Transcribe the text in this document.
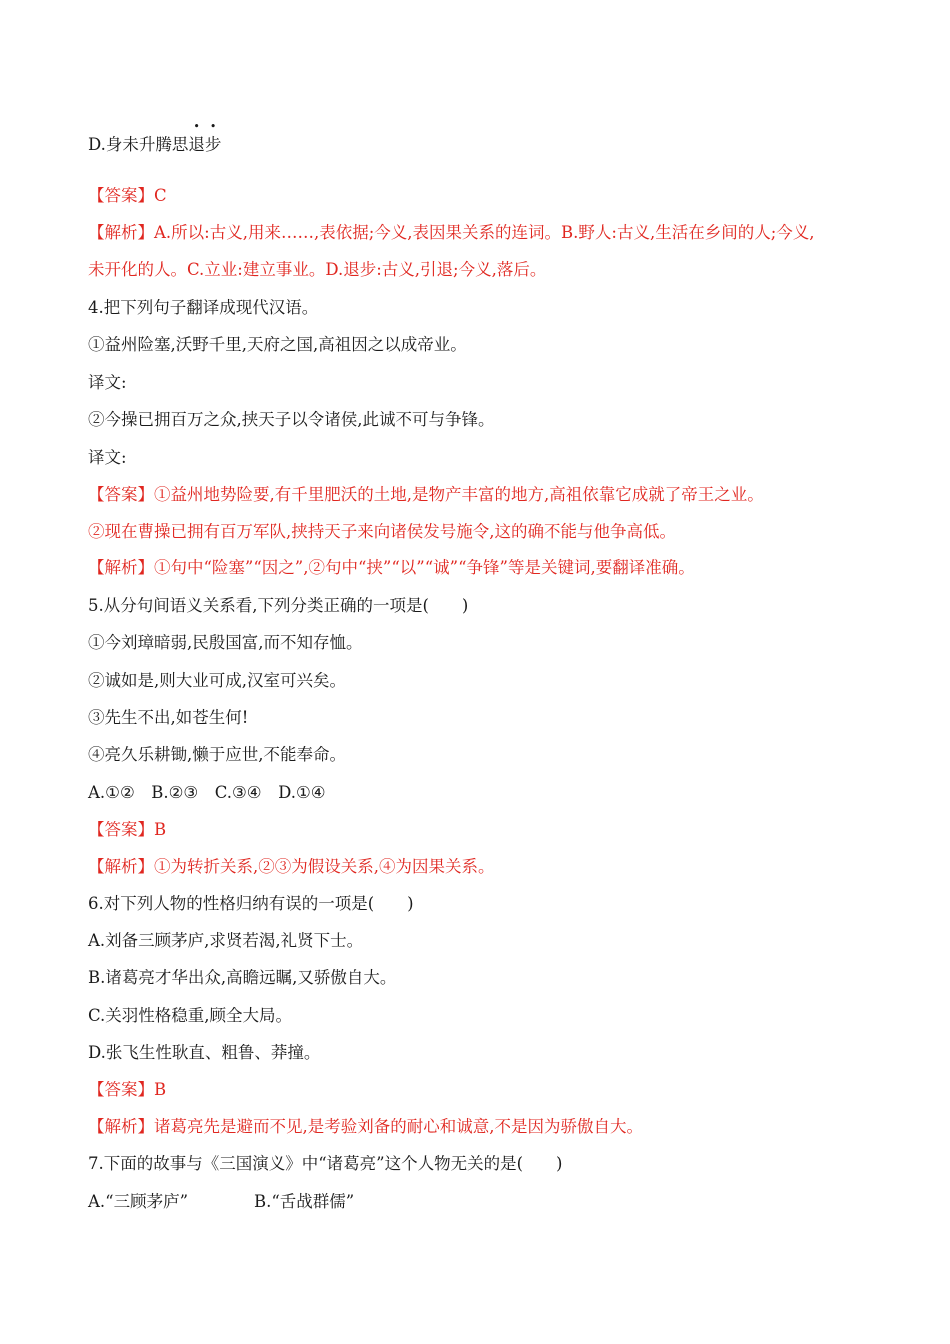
D.身未升腾思退步
【答案】C
【解析】A.所以:古义,用来……,表依据;今义,表因果关系的连词。B.野人:古义,生活在乡间的人;今义,
未开化的人。C.立业:建立事业。D.退步:古义,引退;今义,落后。
4.把下列句子翻译成现代汉语。
①益州险塞,沃野千里,天府之国,高祖因之以成帝业。
译文:
②今操已拥百万之众,挟天子以令诸侯,此诚不可与争锋。
译文:
【答案】①益州地势险要,有千里肥沃的土地,是物产丰富的地方,高祖依靠它成就了帝王之业。
②现在曹操已拥有百万军队,挟持天子来向诸侯发号施令,这的确不能与他争高低。
【解析】①句中“险塞”“因之”,②句中“挟”“以”“诚”“争锋”等是关键词,要翻译准确。
5.从分句间语义关系看,下列分类正确的一项是(　　)
①今刘璋暗弱,民殷国富,而不知存恤。
②诚如是,则大业可成,汉室可兴矣。
③先生不出,如苍生何!
④亮久乐耕锄,懒于应世,不能奉命。
A.①②　B.②③　C.③④　D.①④
【答案】B
【解析】①为转折关系,②③为假设关系,④为因果关系。
6.对下列人物的性格归纳有误的一项是(　　)
A.刘备三顾茅庐,求贤若渴,礼贤下士。
B.诸葛亮才华出众,高瞻远瞩,又骄傲自大。
C.关羽性格稳重,顾全大局。
D.张飞生性耿直、粗鲁、莽撞。
【答案】B
【解析】诸葛亮先是避而不见,是考验刘备的耐心和诚意,不是因为骄傲自大。
7.下面的故事与《三国演义》中“诸葛亮”这个人物无关的是(　　)
A.“三顾茅庐”	B.“舌战群儒”
